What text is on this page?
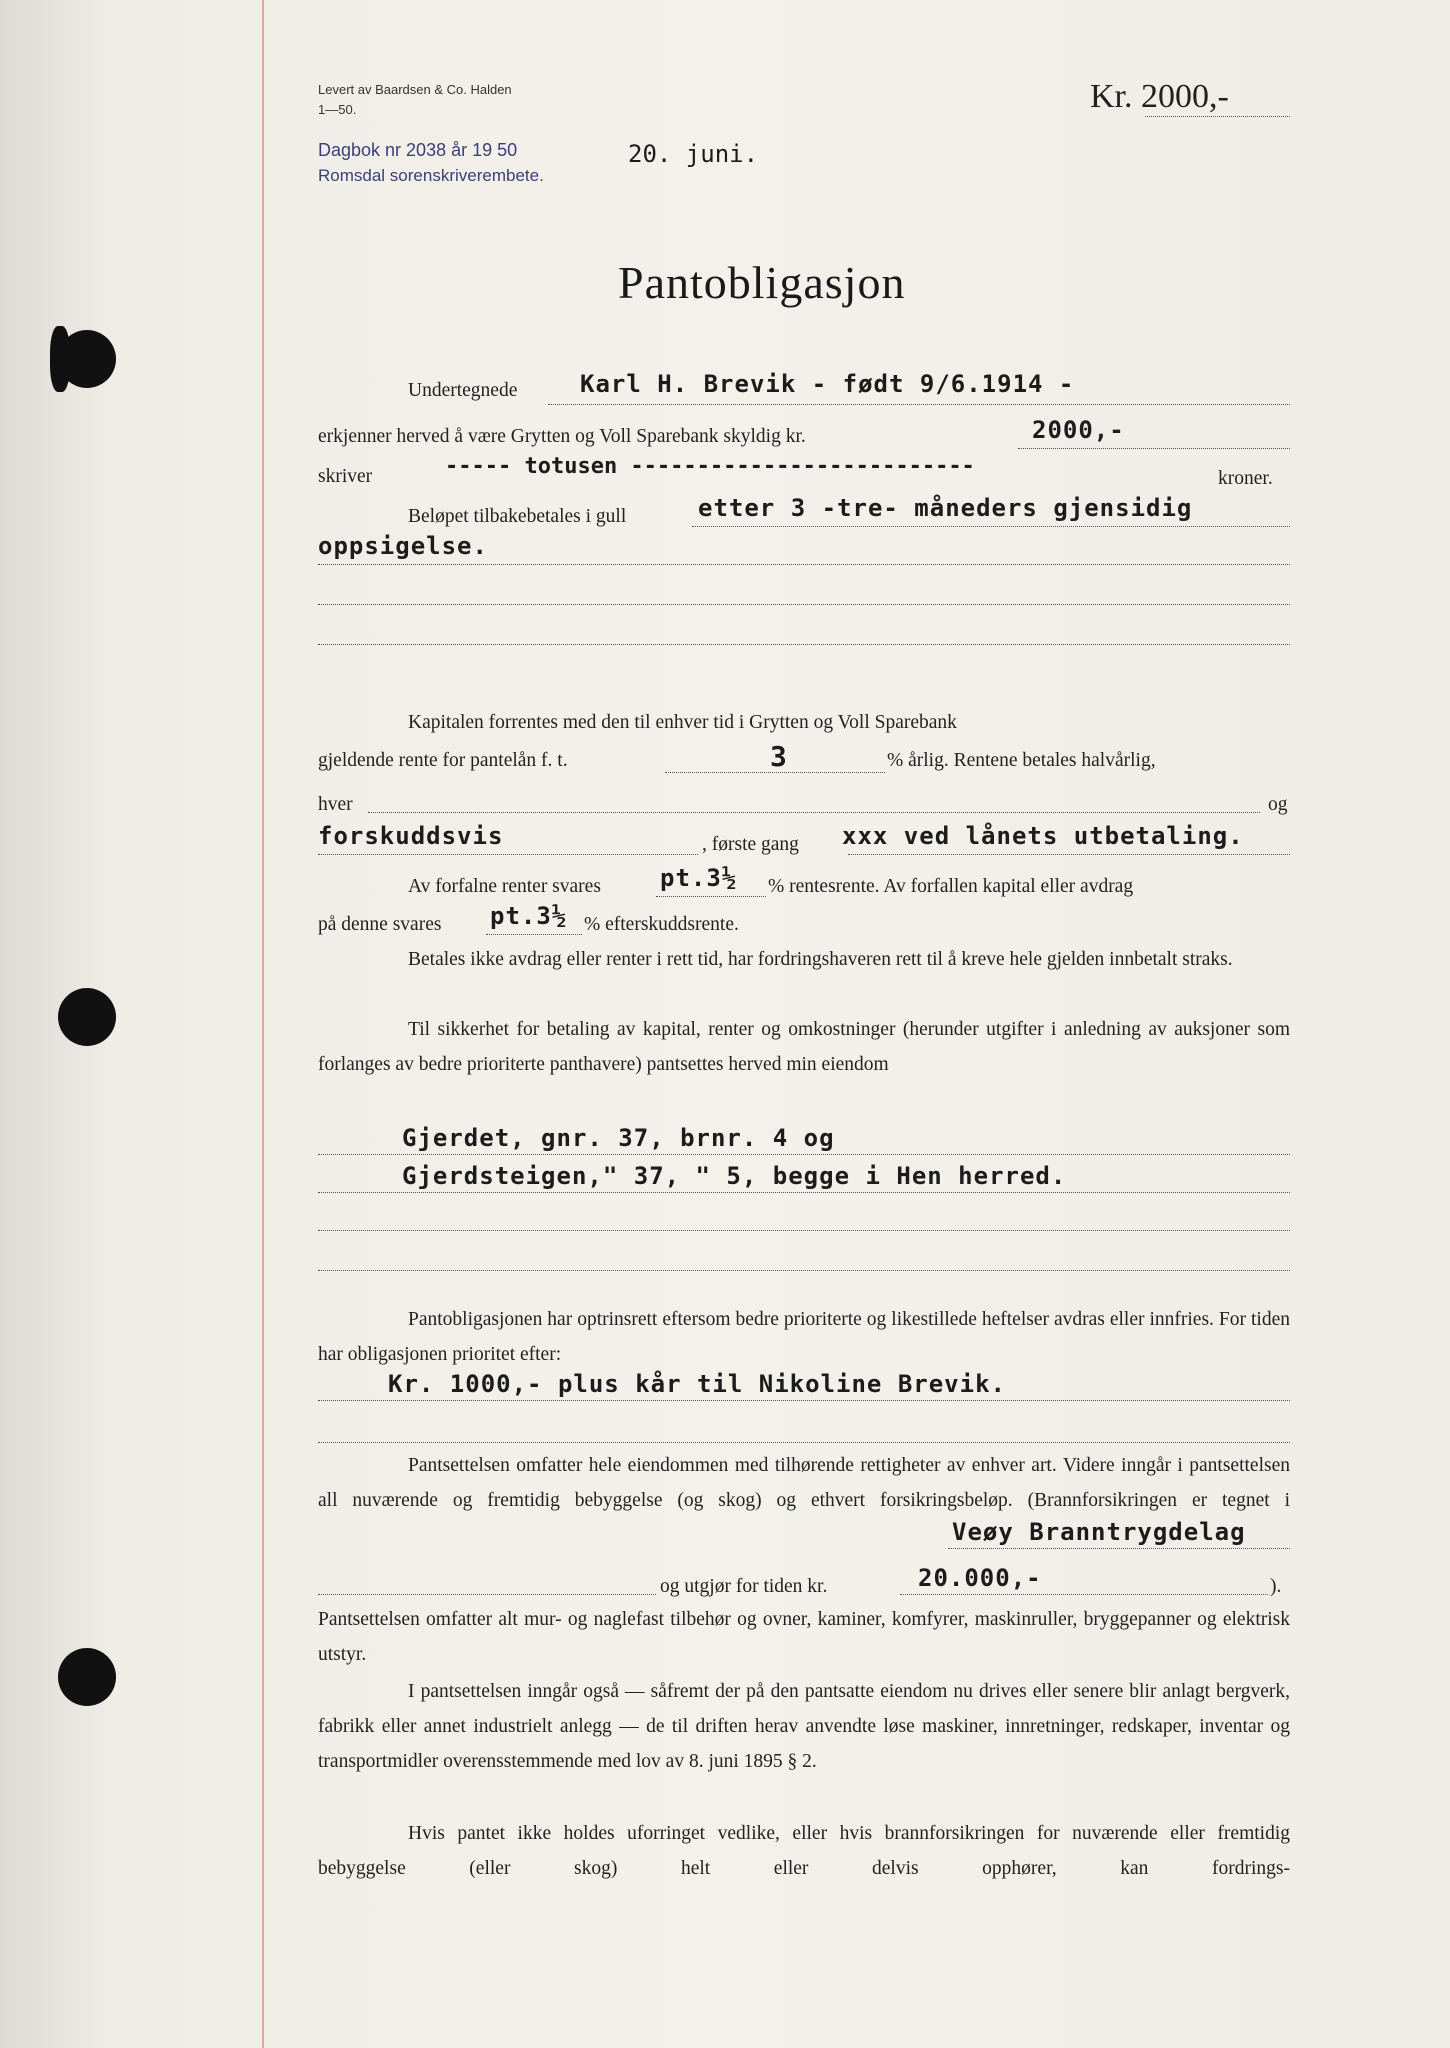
Levert av Baardsen & Co. Halden
1—50.	Kr. 2000,-
Dagbok nr 2038 år 19 50
Romsdal sorenskriverembete.
20. juni.
Pantobligasjon
Undertegnede	Karl H. Brevik - født 9/6.1914 -
erkjenner herved å være Grytten og Voll Sparebank skyldig kr.	2000,-
skriver	----- totusen --------------------------	kroner.
Beløpet tilbakebetales i gull	etter 3 -tre- måneders gjensidig
oppsigelse.
Kapitalen forrentes med den til enhver tid i Grytten og Voll Sparebank
gjeldende rente for pantelån f. t.	3	% årlig. Rentene betales halvårlig,
hver	og
forskuddsvis	, første gang xxx ved lånets utbetaling.
Av forfalne renter svares pt.3½ % rentesrente. Av forfallen kapital eller avdrag
på denne svares pt.3½ % efterskuddsrente.
Betales ikke avdrag eller renter i rett tid, har fordringshaveren rett til å kreve hele gjelden innbetalt straks.
Til sikkerhet for betaling av kapital, renter og omkostninger (herunder utgifter i anledning av auksjoner som forlanges av bedre prioriterte panthavere) pantsettes herved min eiendom
Gjerdet, gnr. 37, brnr. 4 og
Gjerdsteigen," 37, " 5, begge i Hen herred.
Pantobligasjonen har optrinsrett eftersom bedre prioriterte og likestillede heftelser avdras eller innfries. For tiden har obligasjonen prioritet efter:
Kr. 1000,- plus kår til Nikoline Brevik.
Pantsettelsen omfatter hele eiendommen med tilhørende rettigheter av enhver art. Videre inngår i pantsettelsen all nuværende og fremtidig bebyggelse (og skog) og ethvert forsikringsbeløp. (Brannforsikringen er tegnet i
Veøy Branntrygdelag
og utgjør for tiden kr.	20.000,-	).
Pantsettelsen omfatter alt mur- og naglefast tilbehør og ovner, kaminer, komfyrer, maskinruller, bryggepanner og elektrisk utstyr.
I pantsettelsen inngår også — såfremt der på den pantsatte eiendom nu drives eller senere blir anlagt bergverk, fabrikk eller annet industrielt anlegg — de til driften herav anvendte løse maskiner, innretninger, redskaper, inventar og transportmidler overensstemmende med lov av 8. juni 1895 § 2.
Hvis pantet ikke holdes uforringet vedlike, eller hvis brannforsikringen for nuværende eller fremtidig bebyggelse (eller skog) helt eller delvis opphører, kan fordrings-
